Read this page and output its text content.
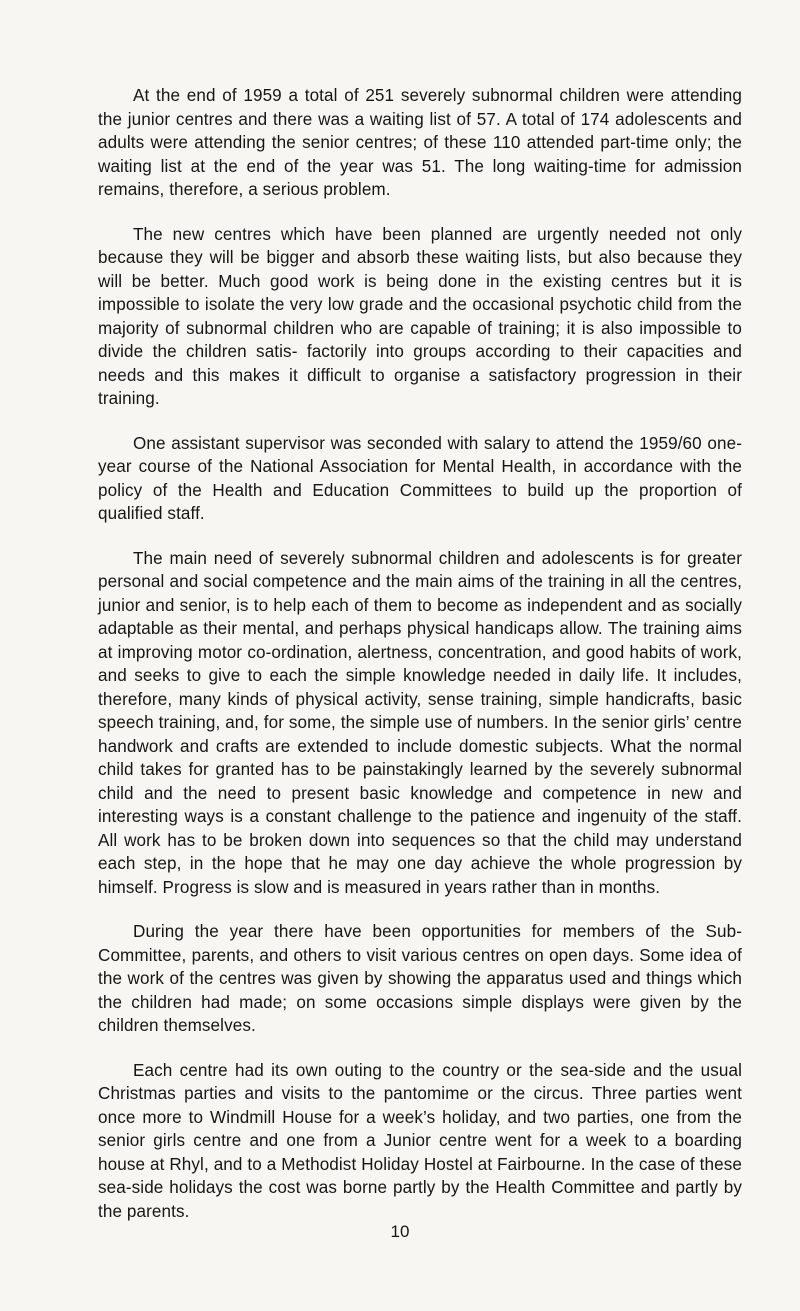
At the end of 1959 a total of 251 severely subnormal children were attending the junior centres and there was a waiting list of 57. A total of 174 adolescents and adults were attending the senior centres; of these 110 attended part-time only; the waiting list at the end of the year was 51. The long waiting-time for admission remains, therefore, a serious problem.

The new centres which have been planned are urgently needed not only because they will be bigger and absorb these waiting lists, but also because they will be better. Much good work is being done in the existing centres but it is impossible to isolate the very low grade and the occasional psychotic child from the majority of subnormal children who are capable of training; it is also impossible to divide the children satis- factorily into groups according to their capacities and needs and this makes it difficult to organise a satisfactory progression in their training.

One assistant supervisor was seconded with salary to attend the 1959/60 one-year course of the National Association for Mental Health, in accordance with the policy of the Health and Education Committees to build up the proportion of qualified staff.

The main need of severely subnormal children and adolescents is for greater personal and social competence and the main aims of the training in all the centres, junior and senior, is to help each of them to become as independent and as socially adaptable as their mental, and perhaps physical handicaps allow. The training aims at improving motor co-ordination, alertness, concentration, and good habits of work, and seeks to give to each the simple knowledge needed in daily life. It includes, therefore, many kinds of physical activity, sense training, simple handicrafts, basic speech training, and, for some, the simple use of numbers. In the senior girls’ centre handwork and crafts are extended to include domestic subjects. What the normal child takes for granted has to be painstakingly learned by the severely subnormal child and the need to present basic knowledge and competence in new and interesting ways is a constant challenge to the patience and ingenuity of the staff. All work has to be broken down into sequences so that the child may understand each step, in the hope that he may one day achieve the whole progression by himself. Progress is slow and is measured in years rather than in months.

During the year there have been opportunities for members of the Sub-Committee, parents, and others to visit various centres on open days. Some idea of the work of the centres was given by showing the apparatus used and things which the children had made; on some occasions simple displays were given by the children themselves.

Each centre had its own outing to the country or the sea-side and the usual Christmas parties and visits to the pantomime or the circus. Three parties went once more to Windmill House for a week’s holiday, and two parties, one from the senior girls centre and one from a Junior centre went for a week to a boarding house at Rhyl, and to a Methodist Holiday Hostel at Fairbourne. In the case of these sea-side holidays the cost was borne partly by the Health Committee and partly by the parents.

10
